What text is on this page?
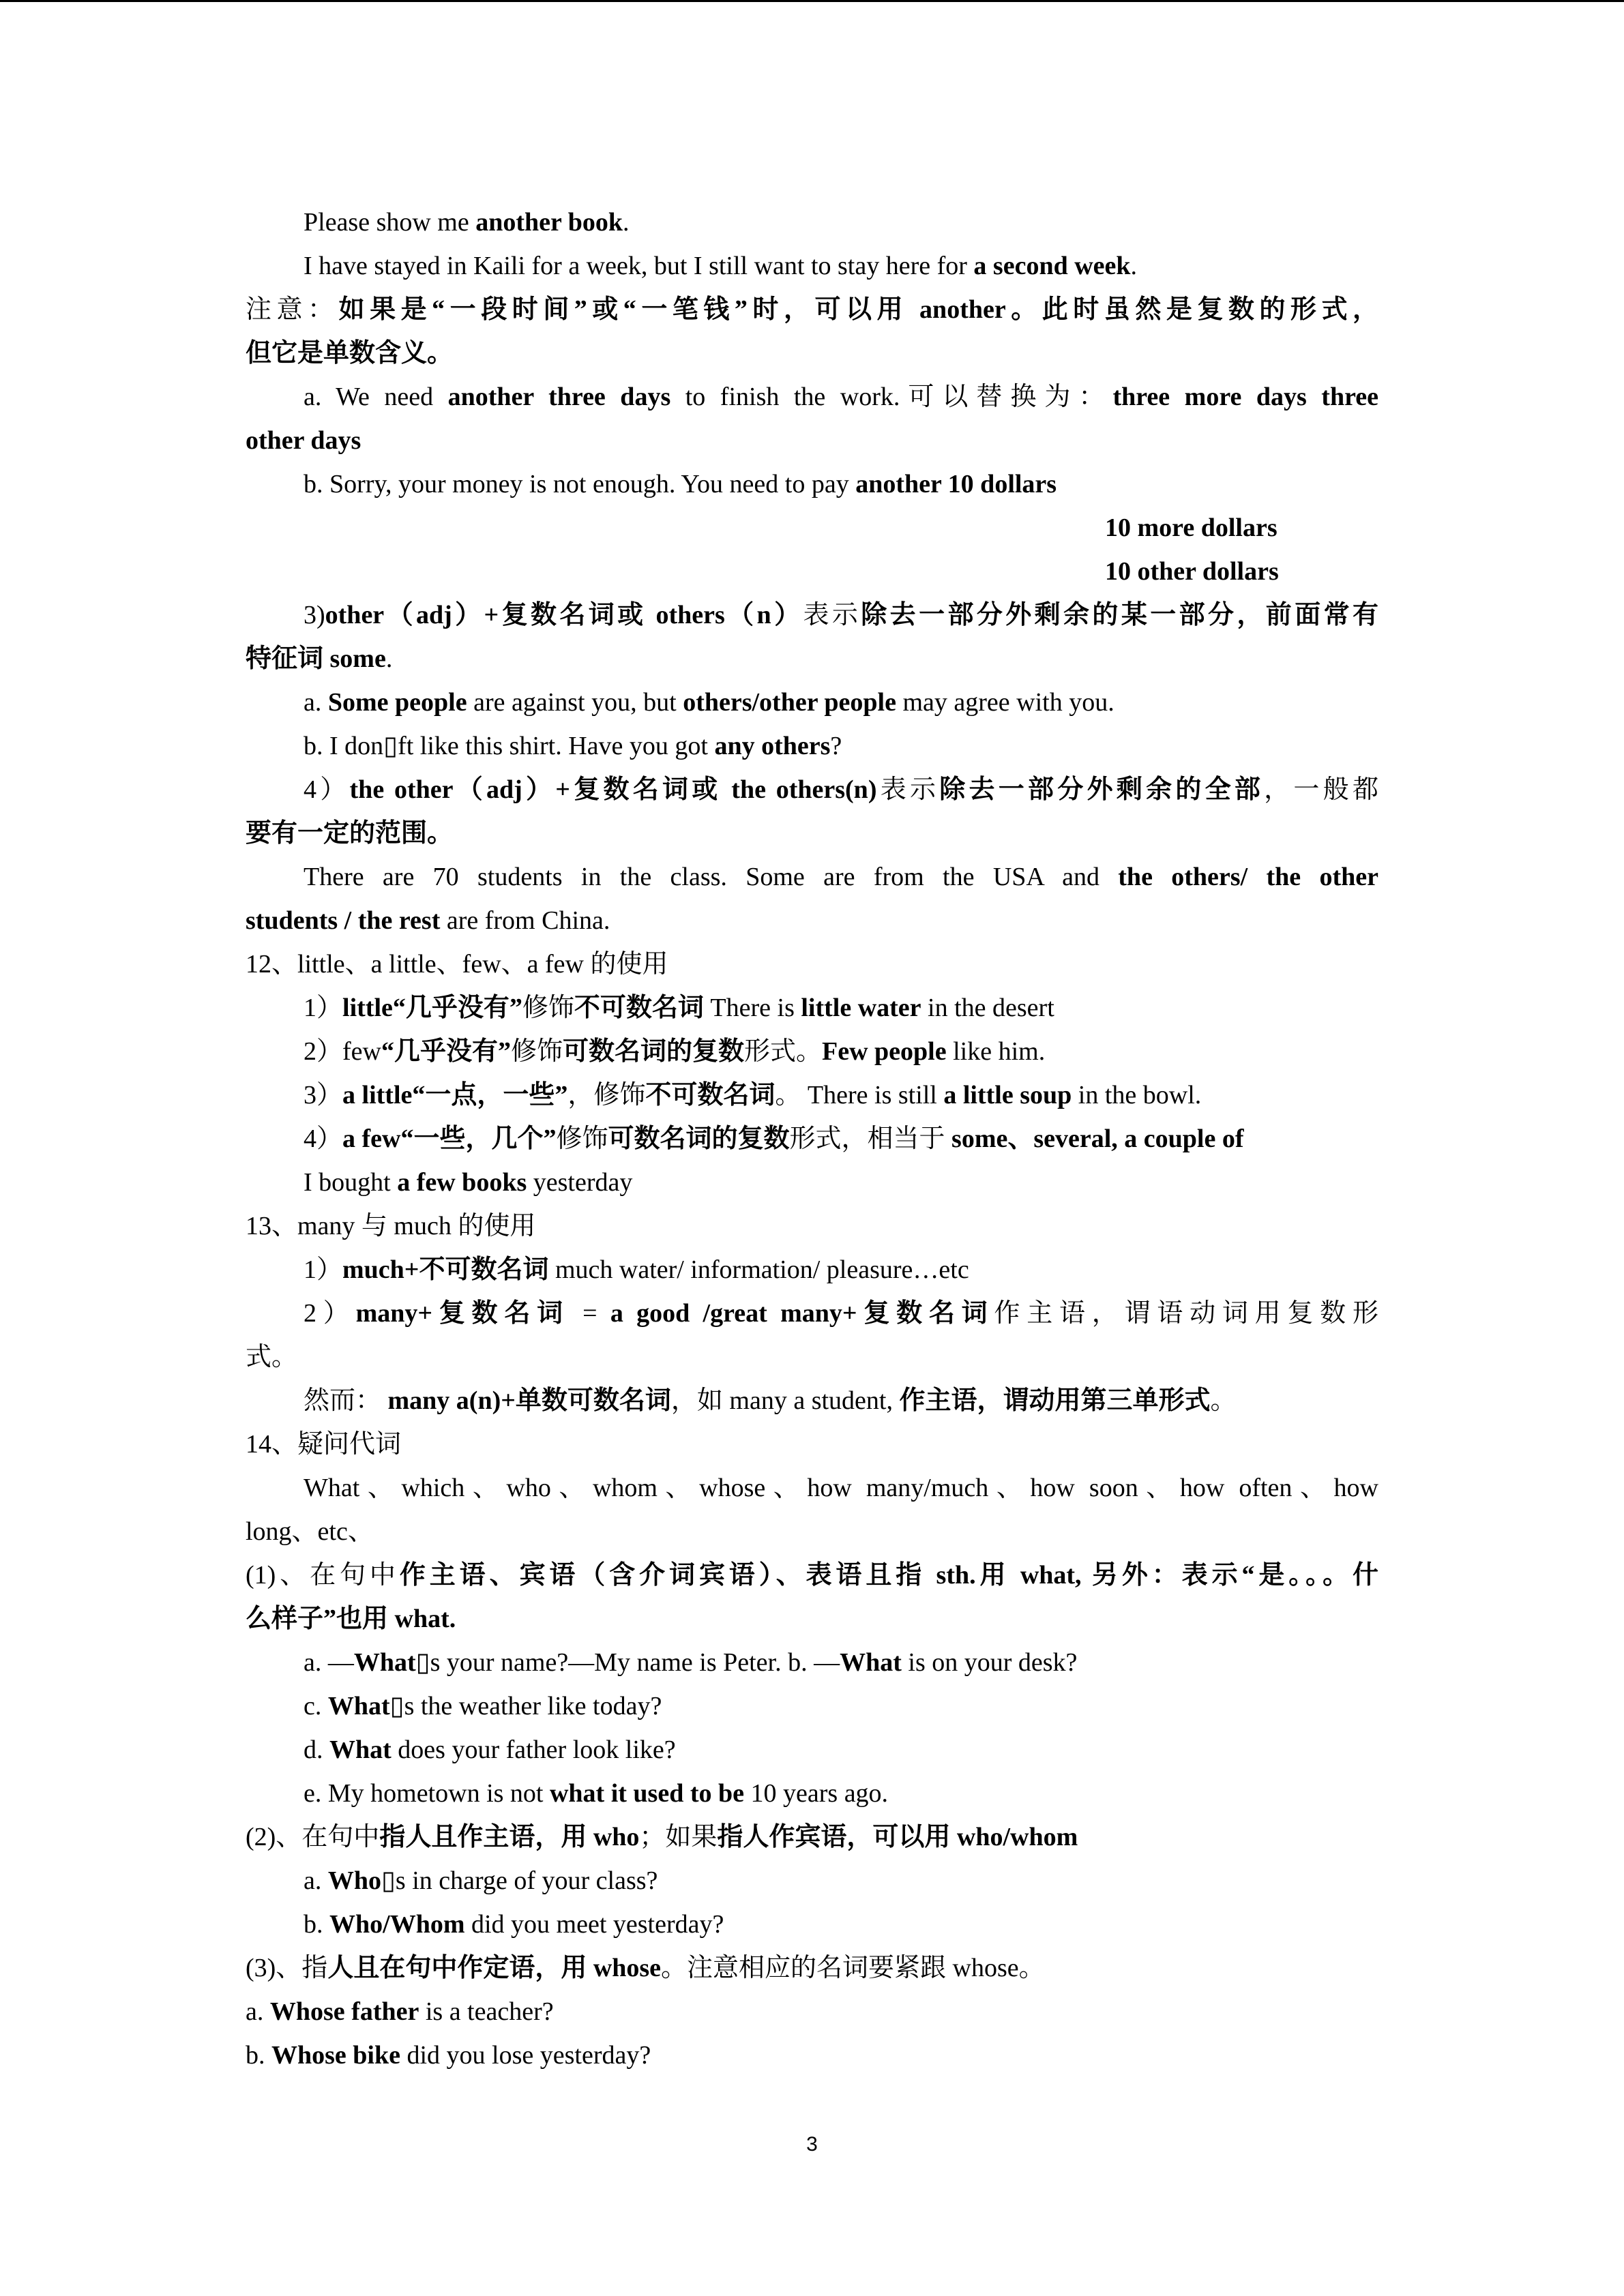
Please show me another book.
I have stayed in Kaili for a week, but I still want to stay here for a second week.
注意：如果是“一段时间”或“一笔钱”时，可以用 another。此时虽然是复数的形式，
但它是单数含义。
a. We need another three days to finish the work.可以替换为：three more days three
other days
b. Sorry, your money is not enough. You need to pay another 10 dollars
10 more dollars
10 other dollars
3)other（adj）+复数名词或 others（n）表示除去一部分外剩余的某一部分，前面常有
特征词 some.
a. Some people are against you, but others/other people may agree with you.
b. I don▯ft like this shirt. Have you got any others?
4）the other（adj）+复数名词或 the others(n)表示除去一部分外剩余的全部，一般都
要有一定的范围。
There are 70 students in the class. Some are from the USA and the others/ the other
students / the rest are from China.
12、little、a little、few、a few 的使用
1）little“几乎没有”修饰不可数名词 There is little water in the desert
2）few“几乎没有”修饰可数名词的复数形式。Few people like him.
3）a little“一点，一些”，修饰不可数名词。 There is still a little soup in the bowl.
4）a few“一些，几个”修饰可数名词的复数形式，相当于 some、several, a couple of
I bought a few books yesterday
13、many 与 much 的使用
1）much+不可数名词 much water/ information/ pleasure…etc
2）many+复数名词 = a good /great many+复数名词作主语，谓语动词用复数形
式。
然而： many a(n)+单数可数名词，如 many a student, 作主语，谓动用第三单形式。
14、疑问代词
What、which、who、whom、whose、how many/much、how soon、how often、how
long、etc、
(1)、在句中作主语、宾语（含介词宾语）、表语且指 sth.用 what, 另外：表示“是。。。什
么样子”也用 what.
a. —What▯s your name?—My name is Peter. b. —What is on your desk?
c. What▯s the weather like today?
d. What does your father look like?
e. My hometown is not what it used to be 10 years ago.
(2)、在句中指人且作主语，用 who；如果指人作宾语，可以用 who/whom
a. Who▯s in charge of your class?
b. Who/Whom did you meet yesterday?
(3)、指人且在句中作定语，用 whose。注意相应的名词要紧跟 whose。
a. Whose father is a teacher?
b. Whose bike did you lose yesterday?
3
